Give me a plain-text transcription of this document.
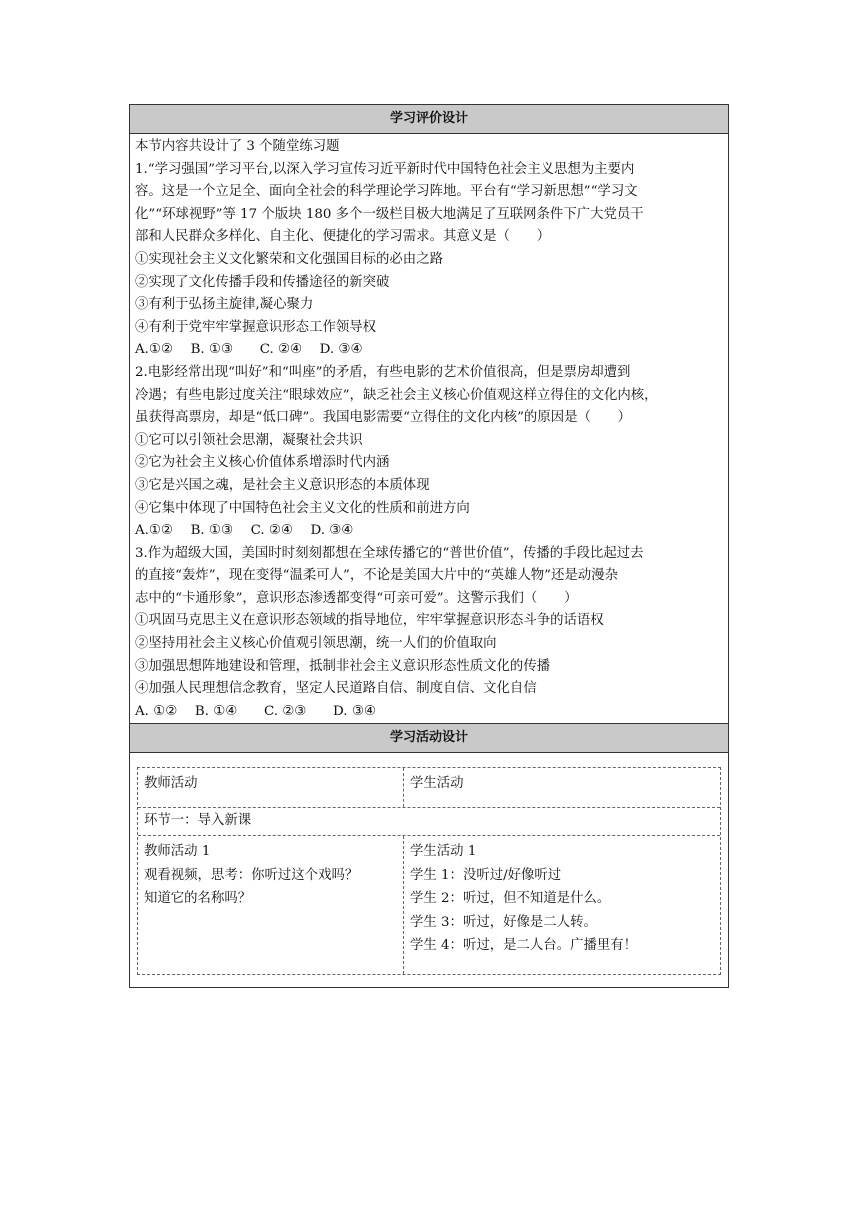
学习评价设计

本节内容共设计了 3 个随堂练习题

1.“学习强国”学习平台,以深入学习宣传习近平新时代中国特色社会主义思想为主要内

容。这是一个立足全、面向全社会的科学理论学习阵地。平台有“学习新思想”“学习文

化”“环球视野”等 17 个版块 180 多个一级栏目极大地满足了互联网条件下广大党员干

部和人民群众多样化、自主化、便捷化的学习需求。其意义是（　　）

①实现社会主义文化繁荣和文化强国目标的必由之路

②实现了文化传播手段和传播途径的新突破

③有利于弘扬主旋律,凝心聚力

④有利于党牢牢掌握意识形态工作领导权

A.①②　 B. ①③　　C. ②④　 D. ③④

2.电影经常出现“叫好”和“叫座”的矛盾，有些电影的艺术价值很高，但是票房却遭到

冷遇；有些电影过度关注“眼球效应”，缺乏社会主义核心价值观这样立得住的文化内核，

虽获得高票房，却是“低口碑”。我国电影需要“立得住的文化内核”的原因是（　　）

①它可以引领社会思潮，凝聚社会共识

②它为社会主义核心价值体系增添时代内涵

③它是兴国之魂，是社会主义意识形态的本质体现

④它集中体现了中国特色社会主义文化的性质和前进方向

A.①②　 B. ①③　 C. ②④　 D. ③④

3.作为超级大国，美国时时刻刻都想在全球传播它的“普世价值”，传播的手段比起过去

的直接“轰炸”，现在变得“温柔可人”，不论是美国大片中的“英雄人物”还是动漫杂

志中的“卡通形象”，意识形态渗透都变得“可亲可爱”。这警示我们（　　）

①巩固马克思主义在意识形态领域的指导地位，牢牢掌握意识形态斗争的话语权

②坚持用社会主义核心价值观引领思潮，统一人们的价值取向

③加强思想阵地建设和管理，抵制非社会主义意识形态性质文化的传播

④加强人民理想信念教育，坚定人民道路自信、制度自信、文化自信

A. ①②　 B. ①④　　C. ②③　　D. ③④

学习活动设计
教师活动	学生活动
环节一：导入新课
教师活动 1
观看视频，思考：你听过这个戏吗？
知道它的名称吗？
学生活动 1
学生 1：没听过/好像听过
学生 2：听过，但不知道是什么。
学生 3：听过，好像是二人转。
学生 4：听过，是二人台。广播里有！
